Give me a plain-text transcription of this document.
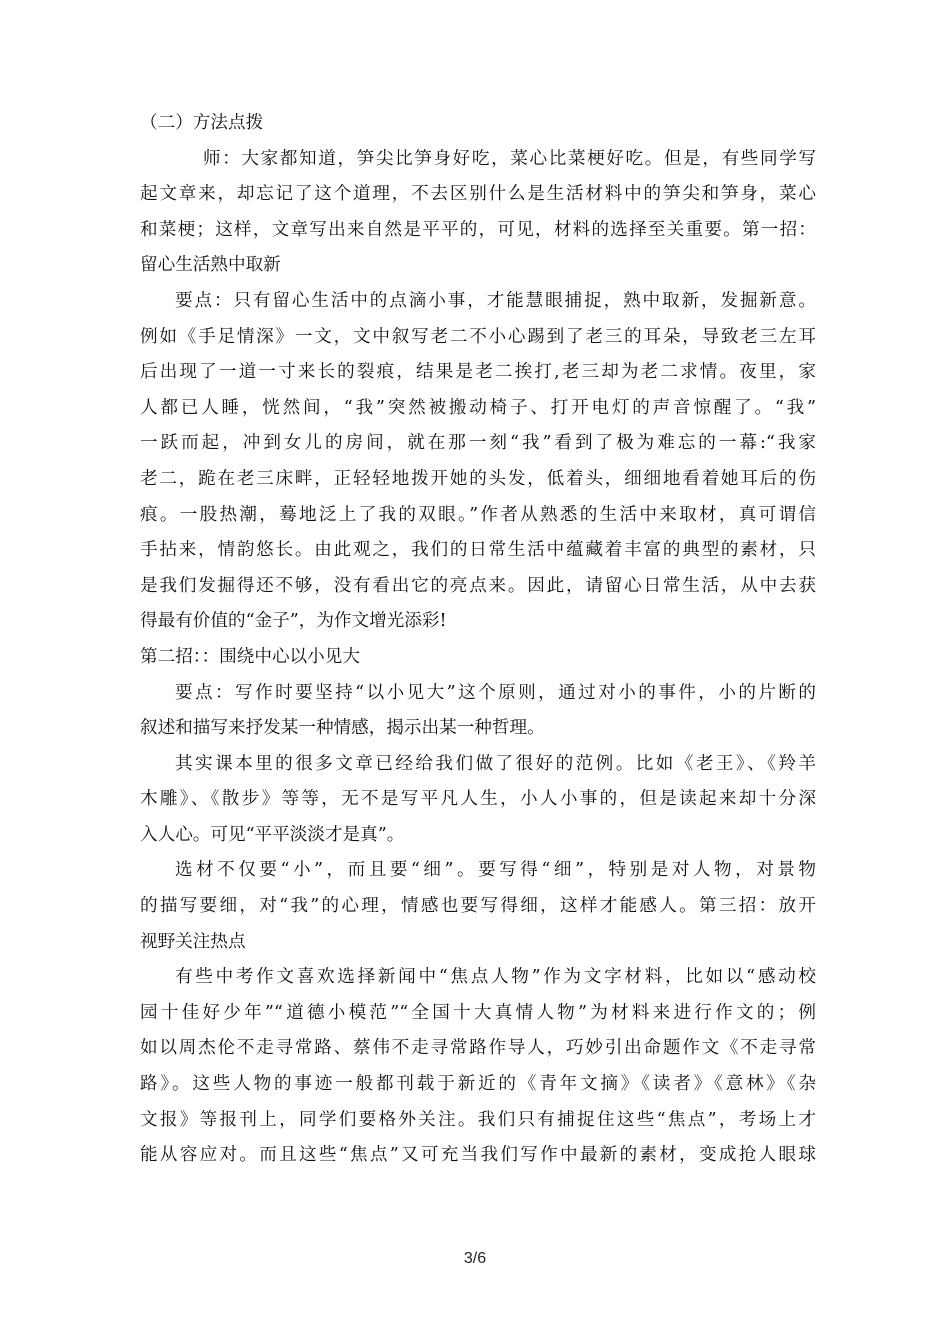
（二）方法点拨
师：大家都知道，笋尖比笋身好吃，菜心比菜梗好吃。但是，有些同学写
起文章来，却忘记了这个道理，不去区别什么是生活材料中的笋尖和笋身，菜心
和菜梗；这样，文章写出来自然是平平的，可见，材料的选择至关重要。第一招：
留心生活熟中取新
要点：只有留心生活中的点滴小事，才能慧眼捕捉，熟中取新，发掘新意。
例如《手足情深》一文，文中叙写老二不小心踢到了老三的耳朵，导致老三左耳
后出现了一道一寸来长的裂痕，结果是老二挨打,老三却为老二求情。夜里，家
人都已人睡，恍然间，“我”突然被搬动椅子、打开电灯的声音惊醒了。“我”
一跃而起，冲到女儿的房间，就在那一刻“我”看到了极为难忘的一幕:“我家
老二，跪在老三床畔，正轻轻地拨开她的头发，低着头，细细地看着她耳后的伤
痕。一股热潮，蓦地泛上了我的双眼。”作者从熟悉的生活中来取材，真可谓信
手拈来，情韵悠长。由此观之，我们的日常生活中蕴藏着丰富的典型的素材，只
是我们发掘得还不够，没有看出它的亮点来。因此，请留心日常生活，从中去获
得最有价值的“金子”，为作文增光添彩!
第二招：：围绕中心以小见大
要点：写作时要坚持“以小见大”这个原则，通过对小的事件，小的片断的
叙述和描写来抒发某一种情感，揭示出某一种哲理。
其实课本里的很多文章已经给我们做了很好的范例。比如《老王》、《羚羊
木雕》、《散步》等等，无不是写平凡人生，小人小事的，但是读起来却十分深
入人心。可见“平平淡淡才是真”。
选材不仅要“小”，而且要“细”。要写得“细”，特别是对人物，对景物
的描写要细，对“我”的心理，情感也要写得细，这样才能感人。第三招：放开
视野关注热点
有些中考作文喜欢选择新闻中“焦点人物”作为文字材料，比如以“感动校
园十佳好少年”“道德小模范”“全国十大真情人物”为材料来进行作文的；例
如以周杰伦不走寻常路、蔡伟不走寻常路作导人，巧妙引出命题作文《不走寻常
路》。这些人物的事迹一般都刊载于新近的《青年文摘》《读者》《意林》《杂
文报》等报刊上，同学们要格外关注。我们只有捕捉住这些“焦点”，考场上才
能从容应对。而且这些“焦点”又可充当我们写作中最新的素材，变成抢人眼球
3/6
